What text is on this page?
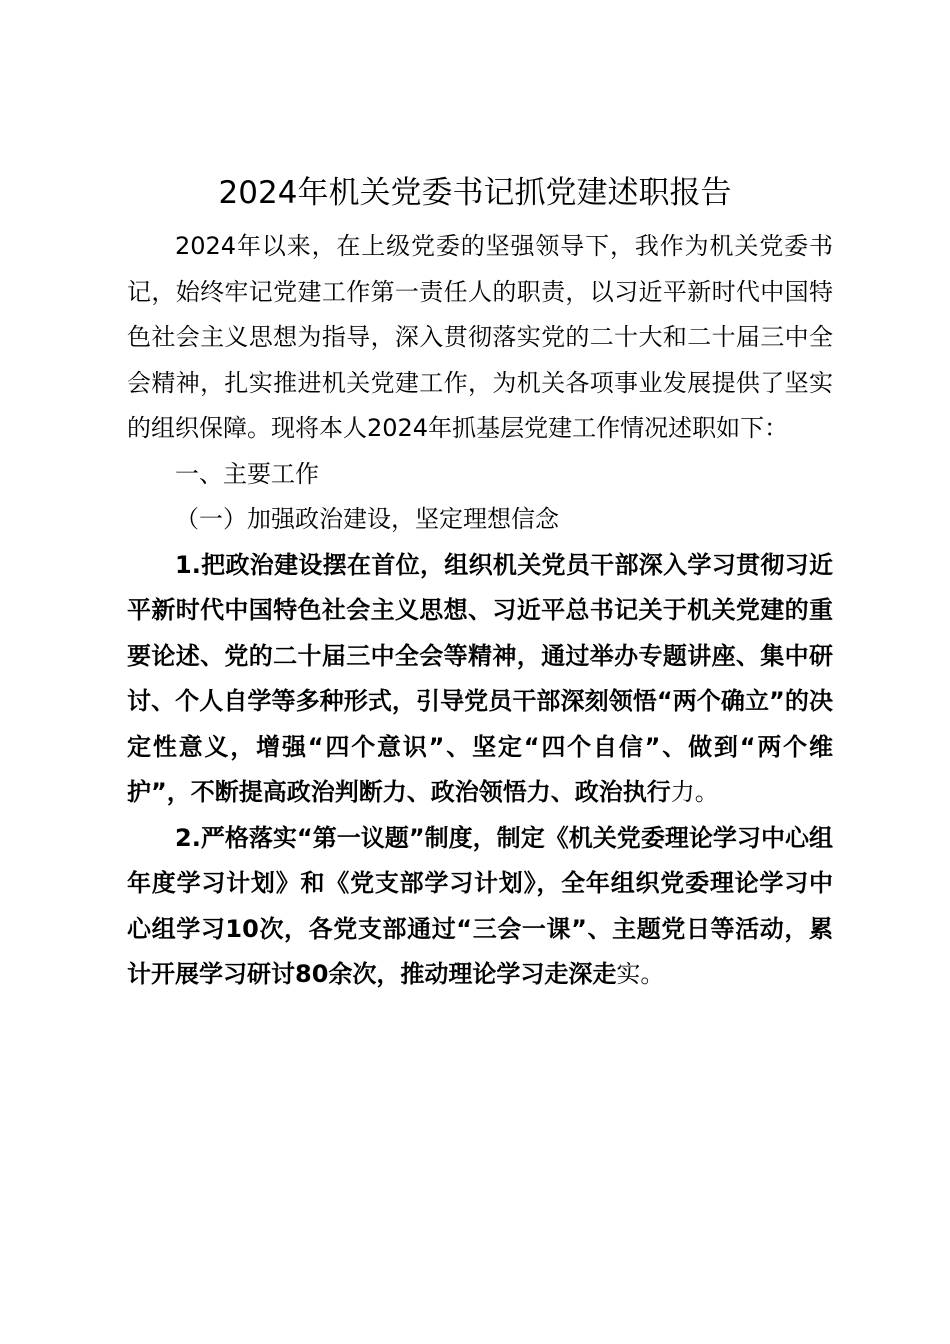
2024年机关党委书记抓党建述职报告

2024年以来，在上级党委的坚强领导下，我作为机关党委书记，始终牢记党建工作第一责任人的职责，以习近平新时代中国特色社会主义思想为指导，深入贯彻落实党的二十大和二十届三中全会精神，扎实推进机关党建工作，为机关各项事业发展提供了坚实的组织保障。现将本人2024年抓基层党建工作情况述职如下：

一、主要工作

（一）加强政治建设，坚定理想信念

1.把政治建设摆在首位，组织机关党员干部深入学习贯彻习近平新时代中国特色社会主义思想、习近平总书记关于机关党建的重要论述、党的二十届三中全会等精神，通过举办专题讲座、集中研讨、个人自学等多种形式，引导党员干部深刻领悟“两个确立”的决定性意义，增强“四个意识”、坚定“四个自信”、做到“两个维护”，不断提高政治判断力、政治领悟力、政治执行力。

2.严格落实“第一议题”制度，制定《机关党委理论学习中心组年度学习计划》和《党支部学习计划》，全年组织党委理论学习中心组学习10次，各党支部通过“三会一课”、主题党日等活动，累计开展学习研讨80余次，推动理论学习走深走实。
